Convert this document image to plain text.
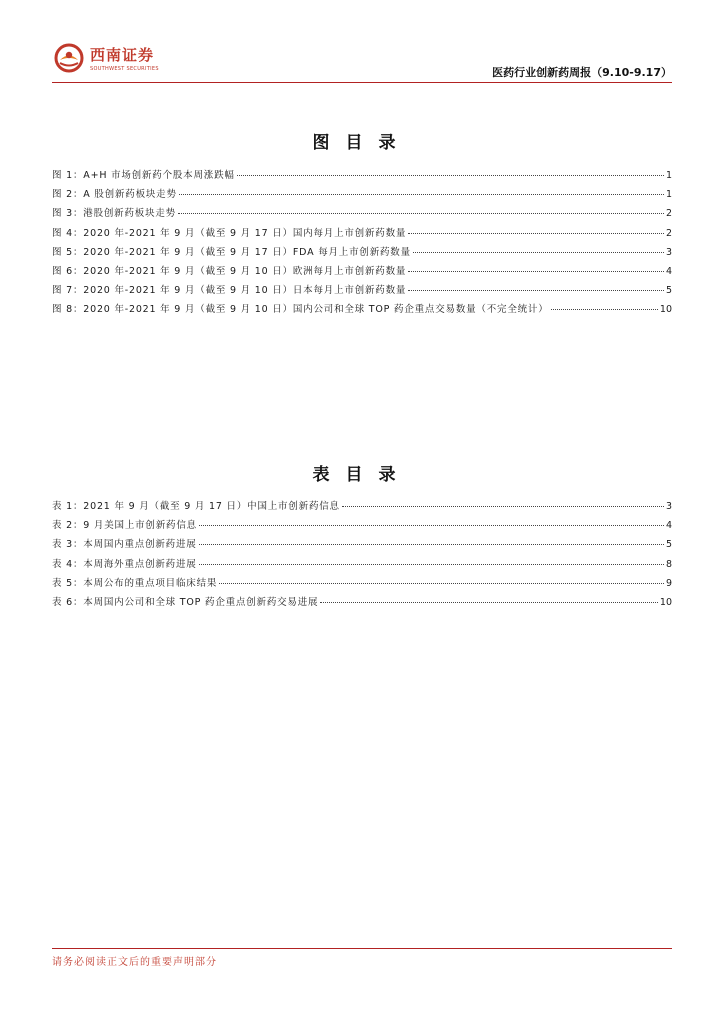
西南证券
SOUTHWEST SECURITIES	医药行业创新药周报（9.10-9.17）
图目录
图 1：A+H 市场创新药个股本周涨跌幅	1
图 2：A 股创新药板块走势	1
图 3：港股创新药板块走势	2
图 4：2020 年-2021 年 9 月（截至 9 月 17 日）国内每月上市创新药数量	2
图 5：2020 年-2021 年 9 月（截至 9 月 17 日）FDA 每月上市创新药数量	3
图 6：2020 年-2021 年 9 月（截至 9 月 10 日）欧洲每月上市创新药数量	4
图 7：2020 年-2021 年 9 月（截至 9 月 10 日）日本每月上市创新药数量	5
图 8：2020 年-2021 年 9 月（截至 9 月 10 日）国内公司和全球 TOP 药企重点交易数量（不完全统计）	10
表目录
表 1：2021 年 9 月（截至 9 月 17 日）中国上市创新药信息	3
表 2：9 月美国上市创新药信息	4
表 3：本周国内重点创新药进展	5
表 4：本周海外重点创新药进展	8
表 5：本周公布的重点项目临床结果	9
表 6：本周国内公司和全球 TOP 药企重点创新药交易进展	10
请务必阅读正文后的重要声明部分
